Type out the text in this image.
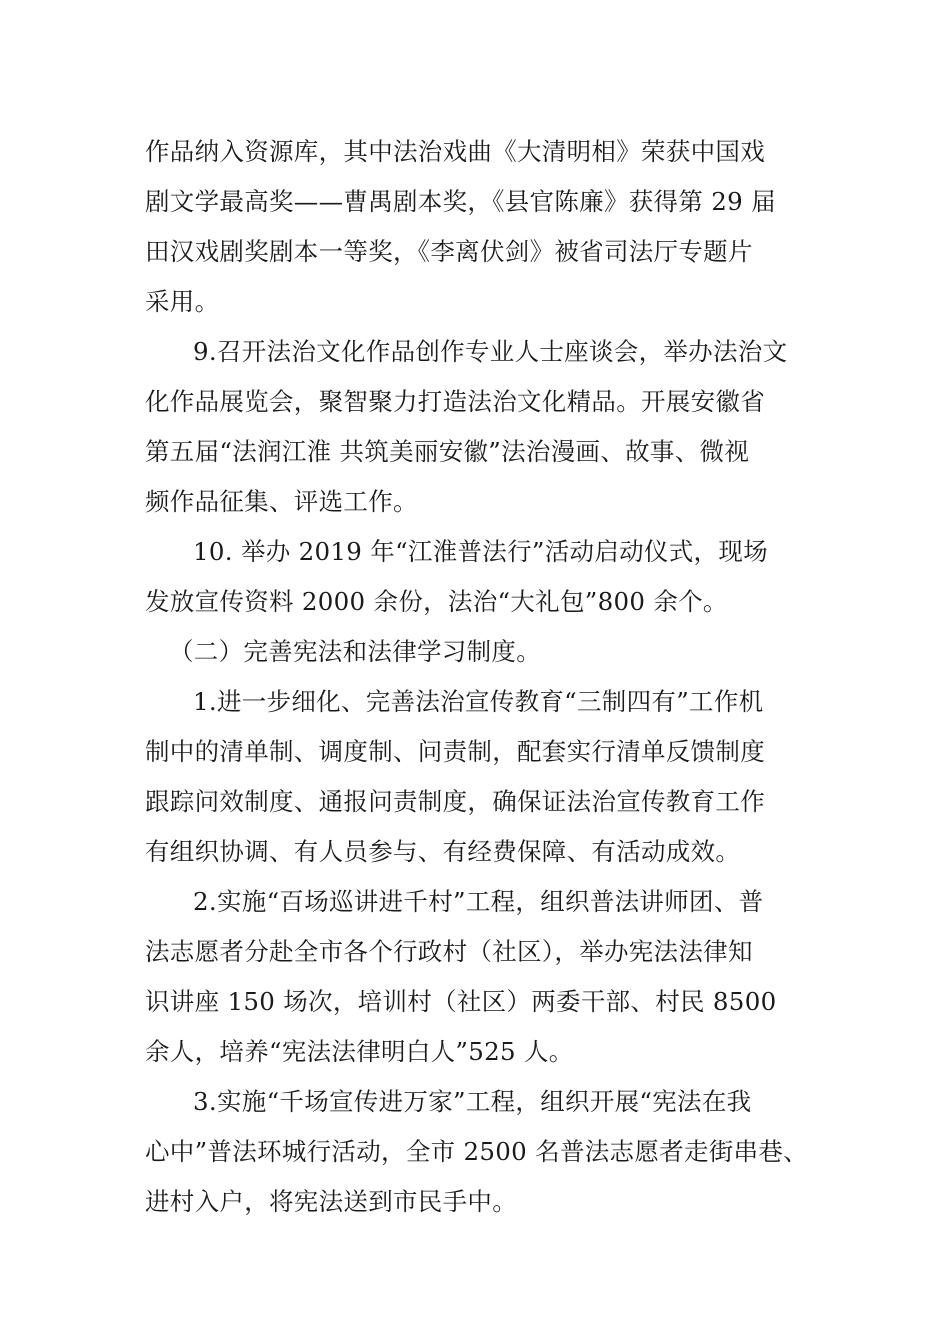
作品纳入资源库，其中法治戏曲《大清明相》荣获中国戏
剧文学最高奖——曹禺剧本奖，《县官陈廉》获得第 29 届
田汉戏剧奖剧本一等奖，《李离伏剑》被省司法厅专题片
采用。
9.召开法治文化作品创作专业人士座谈会，举办法治文
化作品展览会，聚智聚力打造法治文化精品。开展安徽省
第五届“法润江淮 共筑美丽安徽”法治漫画、故事、微视
频作品征集、评选工作。
10. 举办 2019 年“江淮普法行”活动启动仪式，现场
发放宣传资料 2000 余份，法治“大礼包”800 余个。
（二）完善宪法和法律学习制度。
1.进一步细化、完善法治宣传教育“三制四有”工作机
制中的清单制、调度制、问责制，配套实行清单反馈制度
跟踪问效制度、通报问责制度，确保证法治宣传教育工作
有组织协调、有人员参与、有经费保障、有活动成效。
2.实施“百场巡讲进千村”工程，组织普法讲师团、普
法志愿者分赴全市各个行政村（社区），举办宪法法律知
识讲座 150 场次，培训村（社区）两委干部、村民 8500
余人，培养“宪法法律明白人”525 人。
3.实施“千场宣传进万家”工程，组织开展“宪法在我
心中”普法环城行活动，全市 2500 名普法志愿者走街串巷、
进村入户，将宪法送到市民手中。
